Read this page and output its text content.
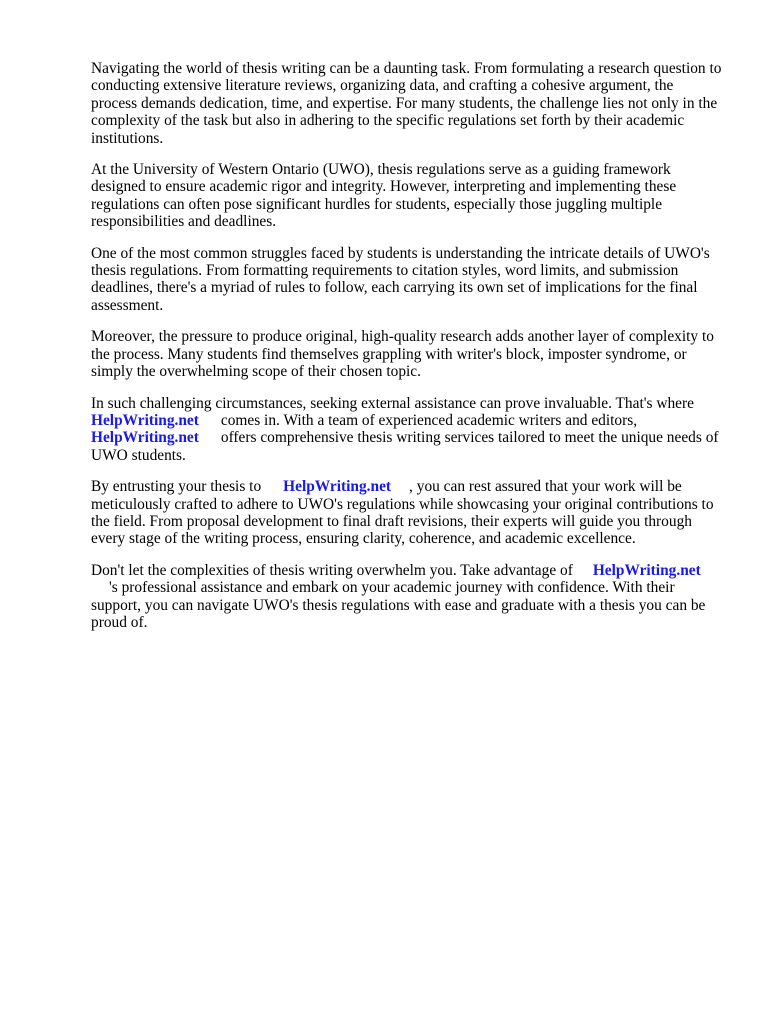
Navigating the world of thesis writing can be a daunting task. From formulating a research question to conducting extensive literature reviews, organizing data, and crafting a cohesive argument, the process demands dedication, time, and expertise. For many students, the challenge lies not only in the complexity of the task but also in adhering to the specific regulations set forth by their academic institutions.

At the University of Western Ontario (UWO), thesis regulations serve as a guiding framework designed to ensure academic rigor and integrity. However, interpreting and implementing these regulations can often pose significant hurdles for students, especially those juggling multiple responsibilities and deadlines.

One of the most common struggles faced by students is understanding the intricate details of UWO's thesis regulations. From formatting requirements to citation styles, word limits, and submission deadlines, there's a myriad of rules to follow, each carrying its own set of implications for the final assessment.

Moreover, the pressure to produce original, high-quality research adds another layer of complexity to the process. Many students find themselves grappling with writer's block, imposter syndrome, or simply the overwhelming scope of their chosen topic.

In such challenging circumstances, seeking external assistance can prove invaluable. That's where
HelpWriting.net comes in. With a team of experienced academic writers and editors,
HelpWriting.net offers comprehensive thesis writing services tailored to meet the unique needs of UWO students.

By entrusting your thesis to HelpWriting.net , you can rest assured that your work will be meticulously crafted to adhere to UWO's regulations while showcasing your original contributions to the field. From proposal development to final draft revisions, their experts will guide you through every stage of the writing process, ensuring clarity, coherence, and academic excellence.

Don't let the complexities of thesis writing overwhelm you. Take advantage of HelpWriting.net
's professional assistance and embark on your academic journey with confidence. With their support, you can navigate UWO's thesis regulations with ease and graduate with a thesis you can be proud of.
